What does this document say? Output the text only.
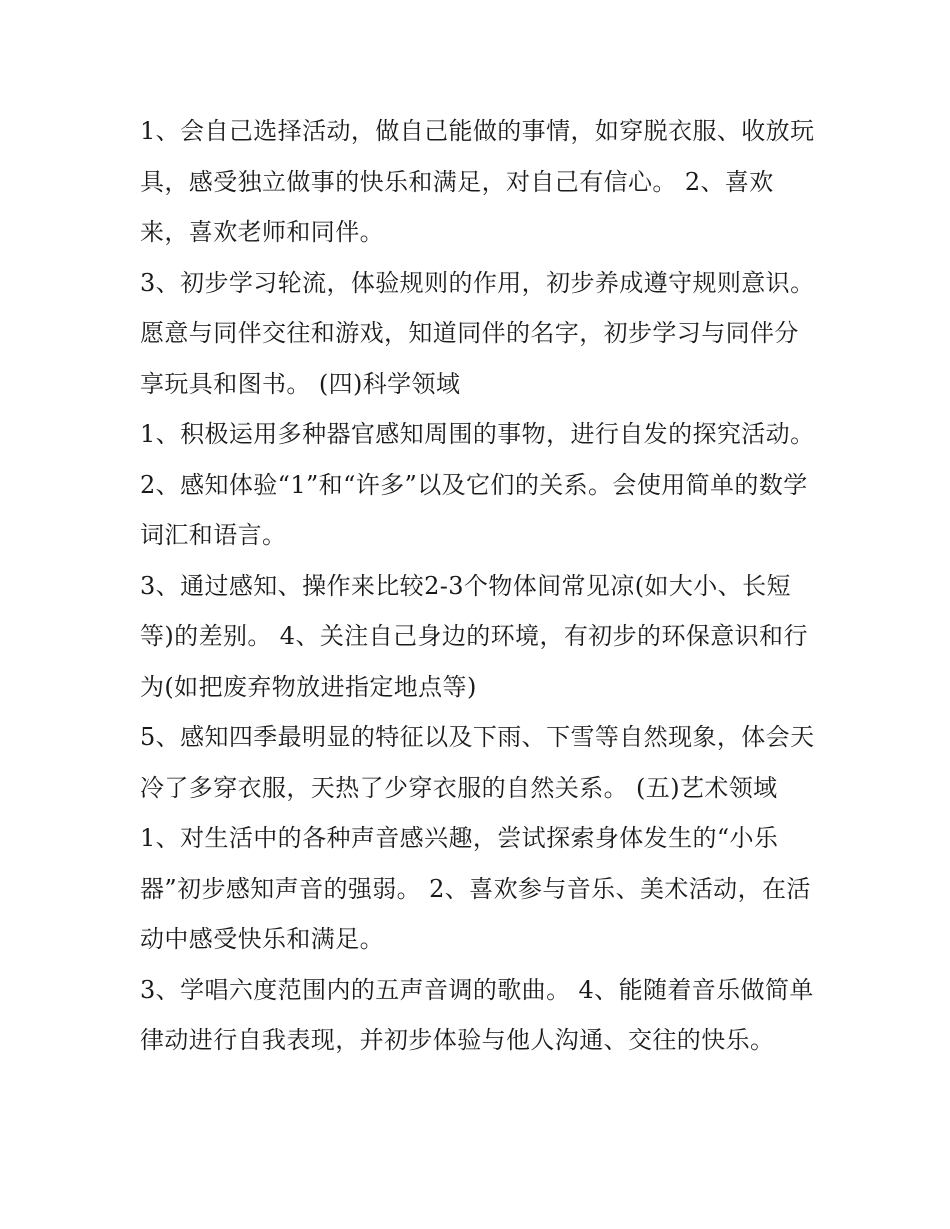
1、会自己选择活动，做自己能做的事情，如穿脱衣服、收放玩具，感受独立做事的快乐和满足，对自己有信心。 2、喜欢来，喜欢老师和同伴。

3、初步学习轮流，体验规则的作用，初步养成遵守规则意识。愿意与同伴交往和游戏，知道同伴的名字，初步学习与同伴分享玩具和图书。 (四)科学领域

1、积极运用多种器官感知周围的事物，进行自发的探究活动。 2、感知体验“1”和“许多”以及它们的关系。会使用简单的数学词汇和语言。

3、通过感知、操作来比较2-3个物体间常见凉(如大小、长短等)的差别。 4、关注自己身边的环境，有初步的环保意识和行为(如把废弃物放进指定地点等)

5、感知四季最明显的特征以及下雨、下雪等自然现象，体会天冷了多穿衣服，天热了少穿衣服的自然关系。 (五)艺术领域

1、对生活中的各种声音感兴趣，尝试探索身体发生的“小乐器”初步感知声音的强弱。 2、喜欢参与音乐、美术活动，在活动中感受快乐和满足。

3、学唱六度范围内的五声音调的歌曲。 4、能随着音乐做简单律动进行自我表现，并初步体验与他人沟通、交往的快乐。
